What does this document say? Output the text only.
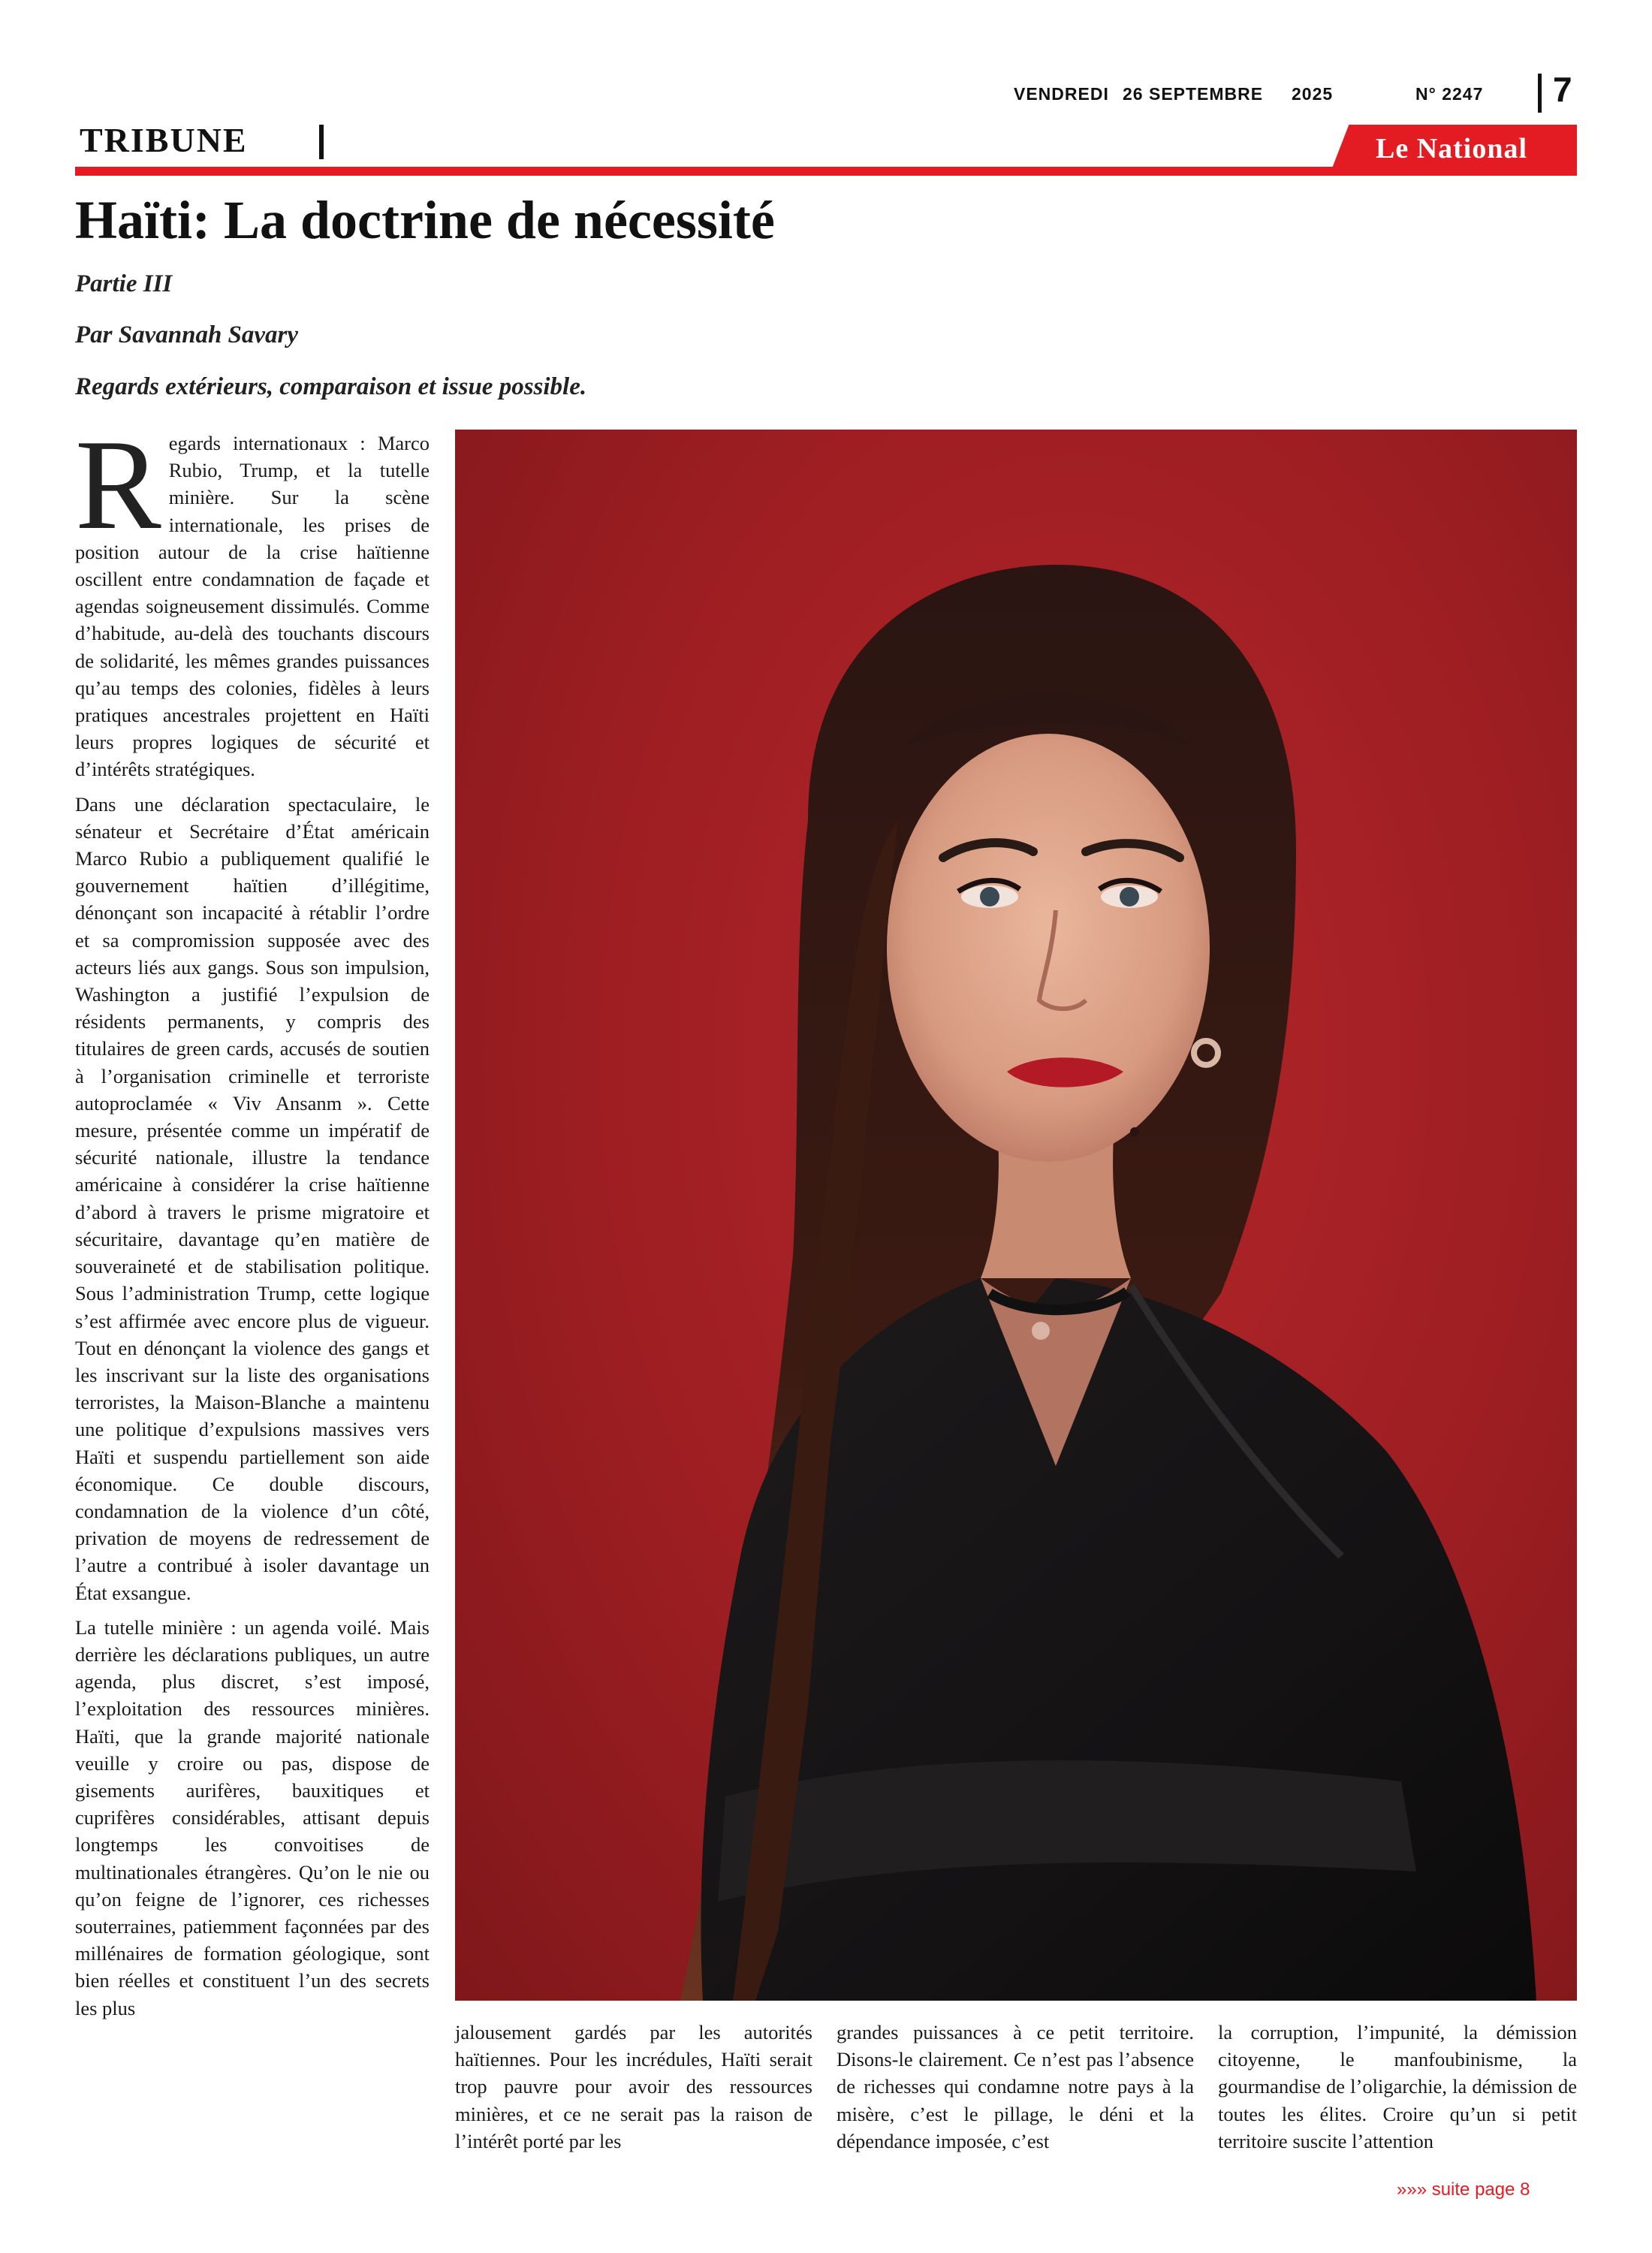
VENDREDI 26 SEPTEMBRE 2025	N° 2247 7
TRIBUNE	Le National
Haïti: La doctrine de nécessité

Partie III

Par Savannah Savary

Regards extérieurs, comparaison et issue possible.

Regards internationaux : Marco Rubio, Trump, et la tutelle minière. Sur la scène internationale, les prises de position autour de la crise haïtienne oscillent entre condamnation de façade et agendas soigneusement dissimulés. Comme d’habitude, au-delà des touchants discours de solidarité, les mêmes grandes puissances qu’au temps des colonies, fidèles à leurs pratiques ancestrales projettent en Haïti leurs propres logiques de sécurité et d’intérêts stratégiques.

Dans une déclaration spectaculaire, le sénateur et Secrétaire d’État américain Marco Rubio a publiquement qualifié le gouvernement haïtien d’illégitime, dénonçant son incapacité à rétablir l’ordre et sa compromission supposée avec des acteurs liés aux gangs. Sous son impulsion, Washington a justifié l’expulsion de résidents permanents, y compris des titulaires de green cards, accusés de soutien à l’organisation criminelle et terroriste autoproclamée « Viv Ansanm ». Cette mesure, présentée comme un impératif de sécurité nationale, illustre la tendance américaine à considérer la crise haïtienne d’abord à travers le prisme migratoire et sécuritaire, davantage qu’en matière de souveraineté et de stabilisation politique. Sous l’administration Trump, cette logique s’est affirmée avec encore plus de vigueur. Tout en dénonçant la violence des gangs et les inscrivant sur la liste des organisations terroristes, la Maison-Blanche a maintenu une politique d’expulsions massives vers Haïti et suspendu partiellement son aide économique. Ce double discours, condamnation de la violence d’un côté, privation de moyens de redressement de l’autre a contribué à isoler davantage un État exsangue.

La tutelle minière : un agenda voilé. Mais derrière les déclarations publiques, un autre agenda, plus discret, s’est imposé, l’exploitation des ressources minières. Haïti, que la grande majorité nationale veuille y croire ou pas, dispose de gisements aurifères, bauxitiques et cuprifères considérables, attisant depuis longtemps les convoitises de multinationales étrangères. Qu’on le nie ou qu’on feigne de l’ignorer, ces richesses souterraines, patiemment façonnées par des millénaires de formation géologique, sont bien réelles et constituent l’un des secrets les plus

jalousement gardés par les autorités haïtiennes. Pour les incrédules, Haïti serait trop pauvre pour avoir des ressources minières, et ce ne serait pas la raison de l’intérêt porté par les
grandes puissances à ce petit territoire. Disons-le clairement. Ce n’est pas l’absence de richesses qui condamne notre pays à la misère, c’est le pillage, le déni et la dépendance imposée, c’est
la corruption, l’impunité, la démission citoyenne, le manfoubinisme, la gourmandise de l’oligarchie, la démission de toutes les élites. Croire qu’un si petit territoire suscite l’attention
»»» suite page 8
